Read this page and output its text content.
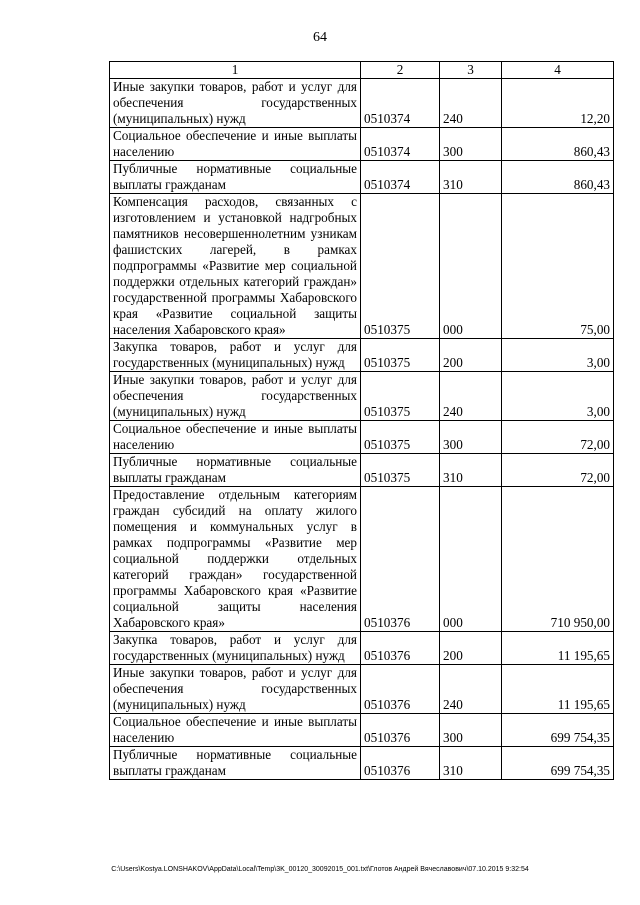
64
1	2	3	4
Иные закупки товаров, работ и услуг для обеспечения государственных (муниципальных) нужд	0510374	240	12,20
Социальное обеспечение и иные выплаты населению	0510374	300	860,43
Публичные нормативные социальные выплаты гражданам	0510374	310	860,43
Компенсация расходов, связанных с изготовлением и установкой надгробных памятников несовершеннолетним узникам фашистских лагерей, в рамках подпрограммы «Развитие мер социальной поддержки отдельных категорий граждан» государственной программы Хабаровского края «Развитие социальной защиты населения Хабаровского края»	0510375	000	75,00
Закупка товаров, работ и услуг для государственных (муниципальных) нужд	0510375	200	3,00
Иные закупки товаров, работ и услуг для обеспечения государственных (муниципальных) нужд	0510375	240	3,00
Социальное обеспечение и иные выплаты населению	0510375	300	72,00
Публичные нормативные социальные выплаты гражданам	0510375	310	72,00
Предоставление отдельным категориям граждан субсидий на оплату жилого помещения и коммунальных услуг в рамках подпрограммы «Развитие мер социальной поддержки отдельных категорий граждан» государственной программы Хабаровского края «Развитие социальной защиты населения Хабаровского края»	0510376	000	710 950,00
Закупка товаров, работ и услуг для государственных (муниципальных) нужд	0510376	200	11 195,65
Иные закупки товаров, работ и услуг для обеспечения государственных (муниципальных) нужд	0510376	240	11 195,65
Социальное обеспечение и иные выплаты населению	0510376	300	699 754,35
Публичные нормативные социальные выплаты гражданам	0510376	310	699 754,35
C:\Users\Kostya.LONSHAKOV\AppData\Local\Temp\3K_00120_30092015_001.txt\Глотов Андрей Вячеславович\07.10.2015 9:32:54
